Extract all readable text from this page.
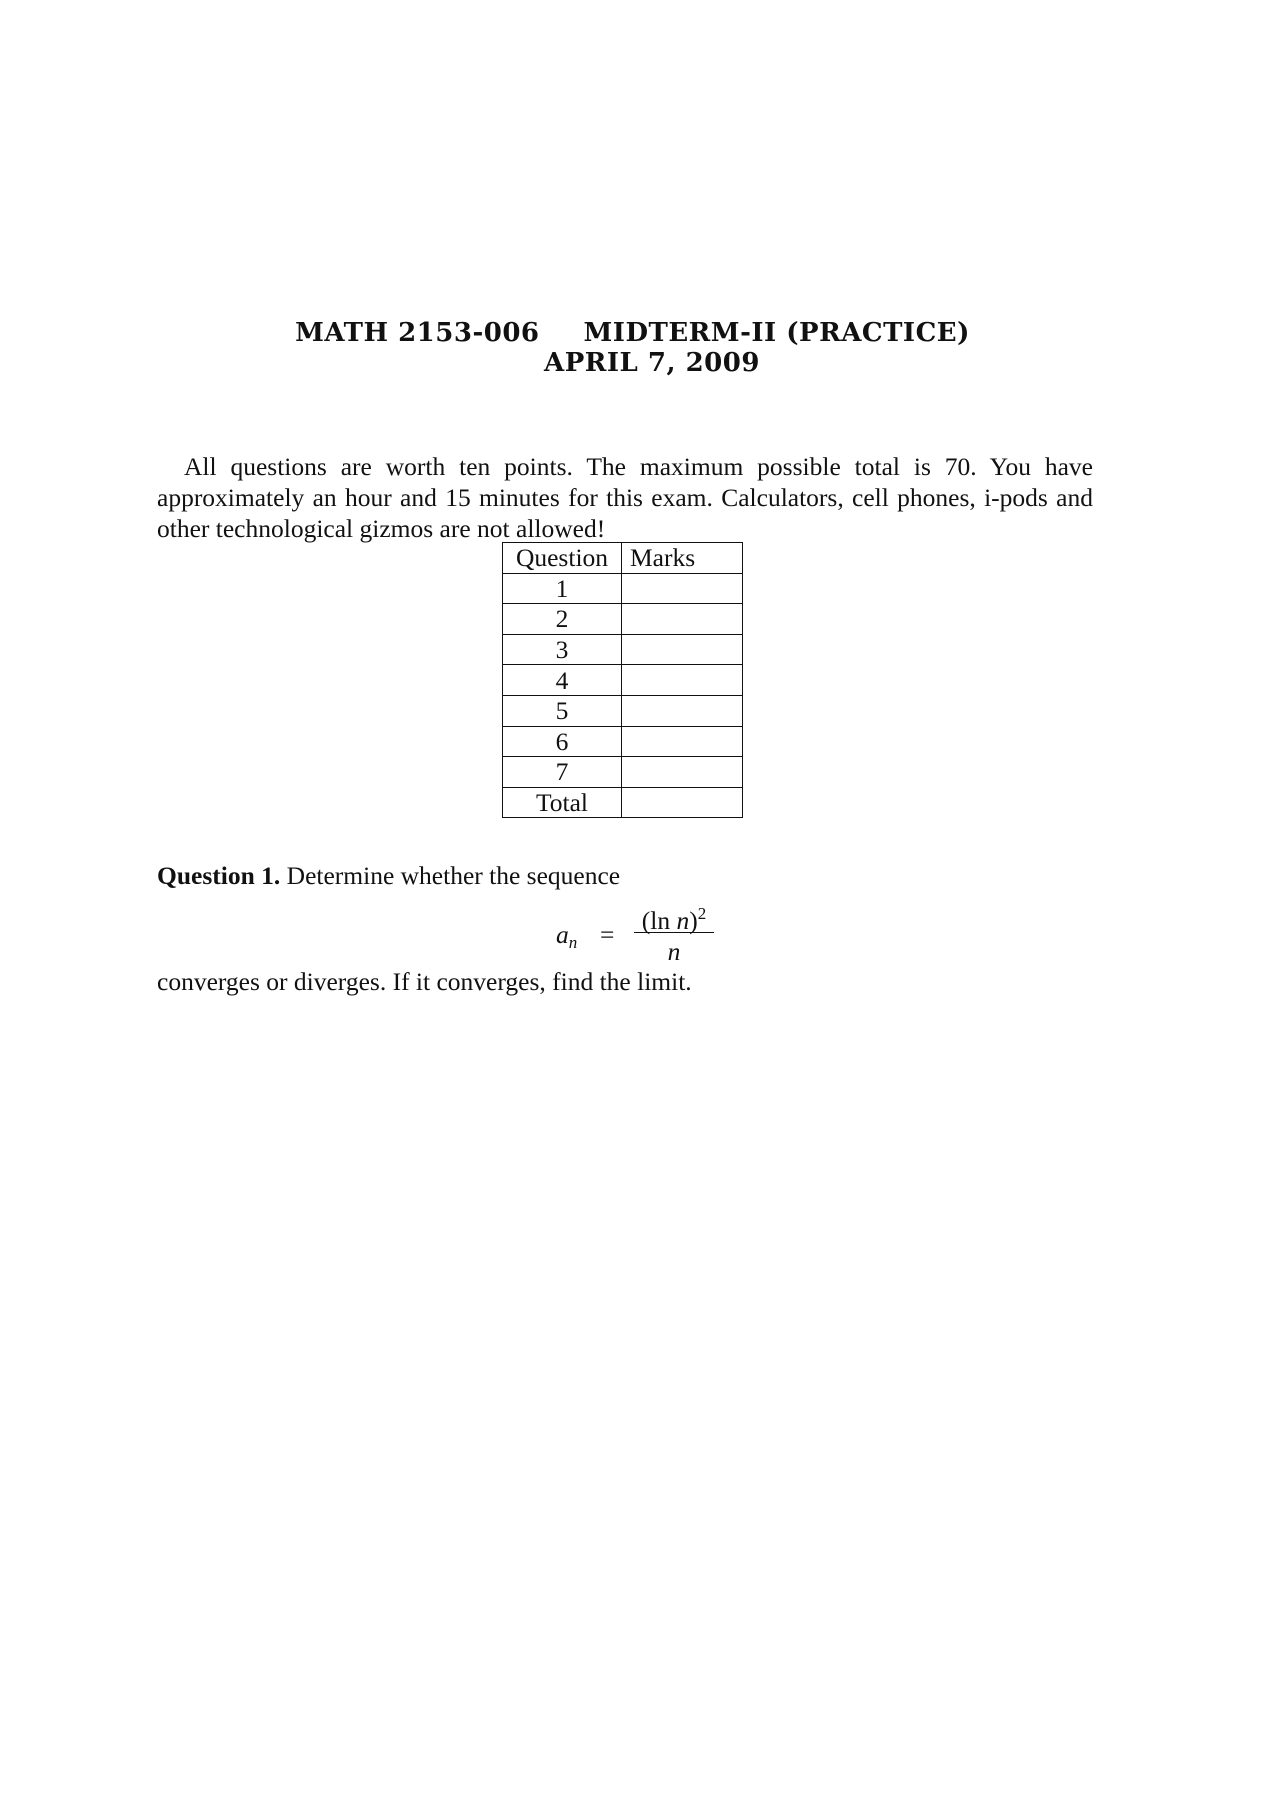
MATH 2153-006 MIDTERM-II (PRACTICE)
APRIL 7, 2009

All questions are worth ten points. The maximum possible total is 70. You have approximately an hour and 15 minutes for this exam. Calculators, cell phones, i-pods and other technological gizmos are not allowed!

Question	Marks
1	
2	
3	
4	
5	
6	
7	
Total	
Question 1. Determine whether the sequence
$a_n$ =	(ln n)$^2$
n
converges or diverges. If it converges, find the limit.
